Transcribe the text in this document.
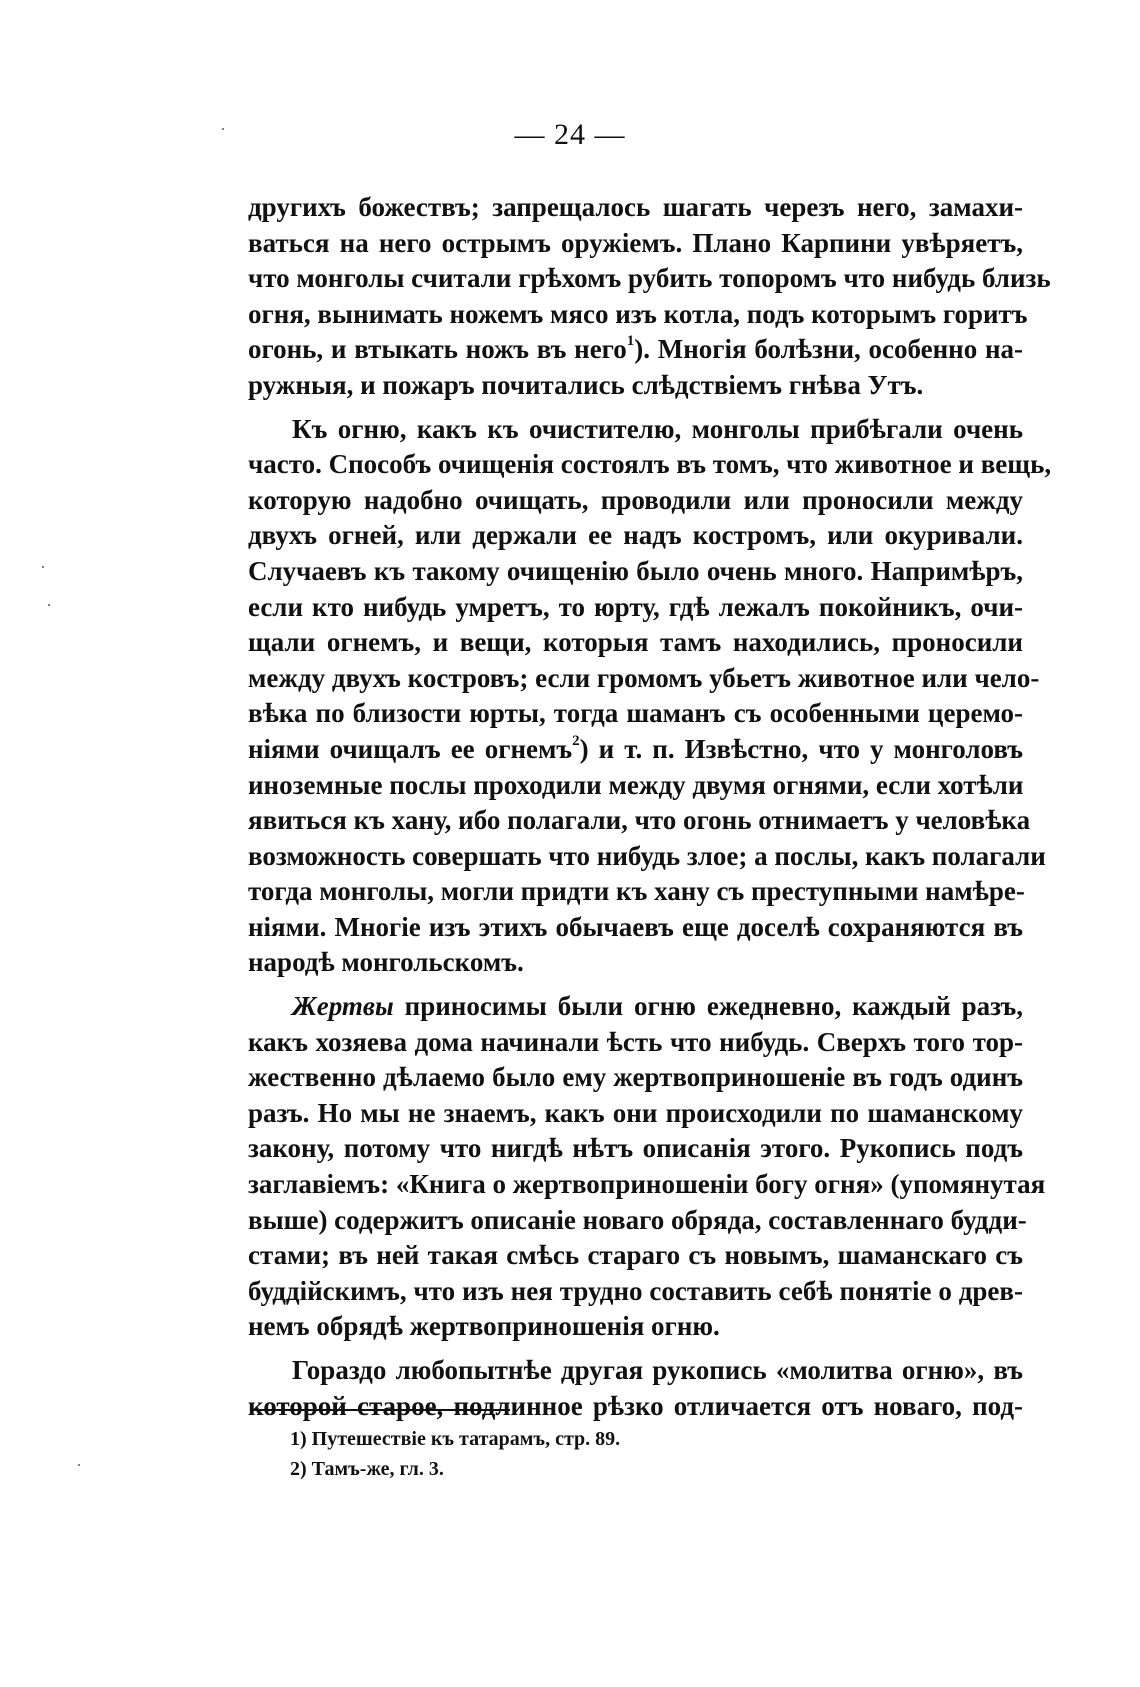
— 24 —
другихъ божествъ; запрещалось шагать черезъ него, замахи-
ваться на него острымъ оружіемъ. Плано Карпини увѣряетъ,
что монголы считали грѣхомъ рубить топоромъ что нибудь близь
огня, вынимать ножемъ мясо изъ котла, подъ которымъ горитъ
огонь, и втыкать ножъ въ него$^1$). Многія болѣзни, особенно на-
ружныя, и пожаръ почитались слѣдствіемъ гнѣва Утъ.
Къ огню, какъ къ очистителю, монголы прибѣгали очень
часто. Способъ очищенія состоялъ въ томъ, что животное и вещь,
которую надобно очищать, проводили или проносили между
двухъ огней, или держали ее надъ костромъ, или окуривали.
Случаевъ къ такому очищенію было очень много. Напримѣръ,
если кто нибудь умретъ, то юрту, гдѣ лежалъ покойникъ, очи-
щали огнемъ, и вещи, которыя тамъ находились, проносили
между двухъ костровъ; если громомъ убьетъ животное или чело-
вѣка по близости юрты, тогда шаманъ съ особенными церемо-
ніями очищалъ ее огнемъ$^2$) и т. п. Извѣстно, что у монголовъ
иноземные послы проходили между двумя огнями, если хотѣли
явиться къ хану, ибо полагали, что огонь отнимаетъ у человѣка
возможность совершать что нибудь злое; а послы, какъ полагали
тогда монголы, могли придти къ хану съ преступными намѣре-
ніями. Многіе изъ этихъ обычаевъ еще доселѣ сохраняются въ
народѣ монгольскомъ.
Жертвы приносимы были огню ежедневно, каждый разъ,
какъ хозяева дома начинали ѣсть что нибудь. Сверхъ того тор-
жественно дѣлаемо было ему жертвоприношеніе въ годъ одинъ
разъ. Но мы не знаемъ, какъ они происходили по шаманскому
закону, потому что нигдѣ нѣтъ описанія этого. Рукопись подъ
заглавіемъ: «Книга о жертвоприношеніи богу огня» (упомянутая
выше) содержитъ описаніе новаго обряда, составленнаго будди-
стами; въ ней такая смѣсь стараго съ новымъ, шаманскаго съ
буддійскимъ, что изъ нея трудно составить себѣ понятіе о древ-
немъ обрядѣ жертвоприношенія огню.
Гораздо любопытнѣе другая рукопись «молитва огню», въ
которой старое, подлинное рѣзко отличается отъ новаго, под-
1) Путешествіе къ татарамъ, стр. 89.
2) Тамъ-же, гл. 3.
